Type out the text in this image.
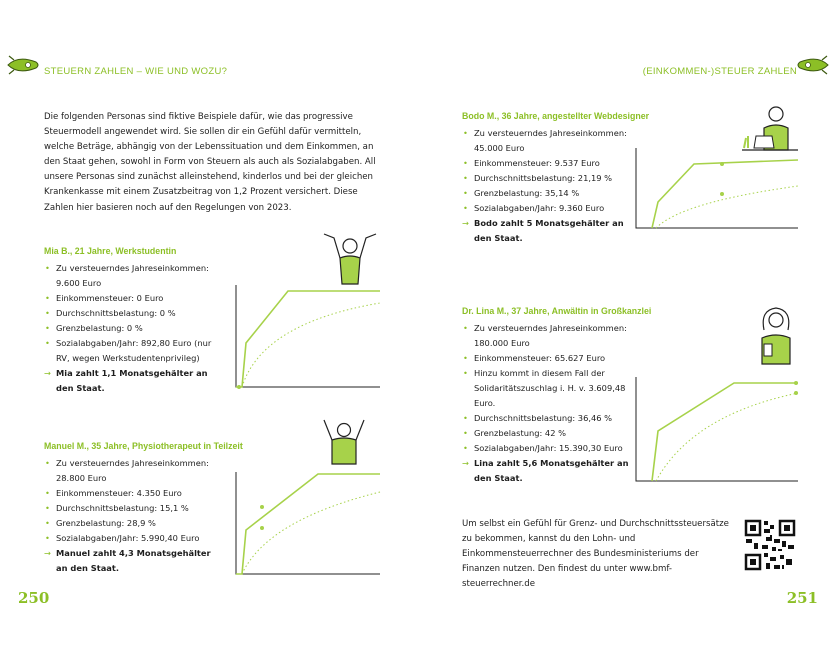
STEUERN ZAHLEN – WIE UND WOZU?	(EINKOMMEN-)STEUER ZAHLEN
Die folgenden Personas sind fiktive Beispiele dafür, wie das progressive Steuermodell angewendet wird. Sie sollen dir ein Gefühl dafür vermitteln, welche Beträge, abhängig von der Lebenssituation und dem Einkommen, an den Staat gehen, sowohl in Form von Steuern als auch als Sozialabgaben. All unsere Personas sind zunächst alleinstehend, kinderlos und bei der gleichen Krankenkasse mit einem Zusatzbeitrag von 1,2 Prozent versichert. Diese Zahlen hier basieren noch auf den Regelungen von 2023.
Mia B., 21 Jahre, Werkstudentin
• Zu versteuerndes Jahreseinkommen: 9.600 Euro
• Einkommensteuer: 0 Euro
• Durchschnittsbelastung: 0 %
• Grenzbelastung: 0 %
• Sozialabgaben/Jahr: 892,80 Euro (nur RV, wegen Werkstudentenprivileg)
→ Mia zahlt 1,1 Monatsgehälter an den Staat.
Manuel M., 35 Jahre, Physiotherapeut in Teilzeit
• Zu versteuerndes Jahreseinkommen: 28.800 Euro
• Einkommensteuer: 4.350 Euro
• Durchschnittsbelastung: 15,1 %
• Grenzbelastung: 28,9 %
• Sozialabgaben/Jahr: 5.990,40 Euro
→ Manuel zahlt 4,3 Monatsgehälter an den Staat.
Bodo M., 36 Jahre, angestellter Webdesigner
• Zu versteuerndes Jahreseinkommen: 45.000 Euro
• Einkommensteuer: 9.537 Euro
• Durchschnittsbelastung: 21,19 %
• Grenzbelastung: 35,14 %
• Sozialabgaben/Jahr: 9.360 Euro
→ Bodo zahlt 5 Monatsgehälter an den Staat.
Dr. Lina M., 37 Jahre, Anwältin in Großkanzlei
• Zu versteuerndes Jahreseinkommen: 180.000 Euro
• Einkommensteuer: 65.627 Euro
• Hinzu kommt in diesem Fall der Solidaritätszuschlag i. H. v. 3.609,48 Euro.
• Durchschnittsbelastung: 36,46 %
• Grenzbelastung: 42 %
• Sozialabgaben/Jahr: 15.390,30 Euro
→ Lina zahlt 5,6 Monatsgehälter an den Staat.
Um selbst ein Gefühl für Grenz- und Durchschnittssteuersätze zu bekommen, kannst du den Lohn- und Einkommensteuerrechner des Bundesministeriums der Finanzen nutzen. Den findest du unter www.bmf-steuerrechner.de
250	251
